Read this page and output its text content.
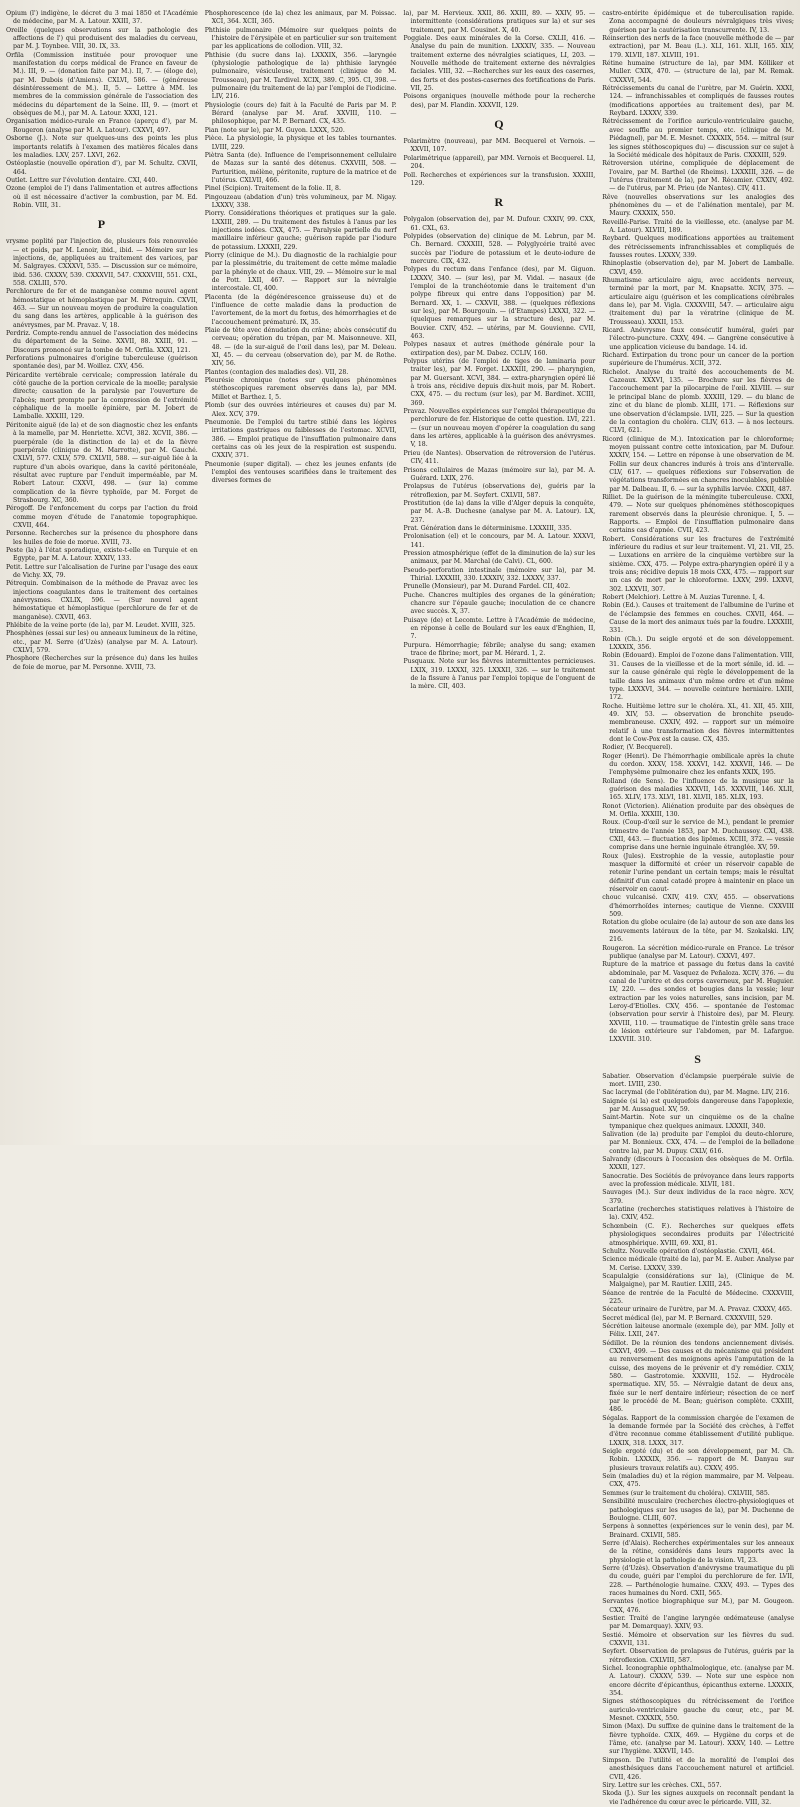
Opium (l') indigène, le décret du 3 mai 1850 et l'Académie de médecine, par M. A. Latour. XXIII, 37.

Oreille (quelques observations sur la pathologie des affections de l') qui produisent des maladies du cerveau, par M. J. Toynbee. VIII, 30. IX, 33.

Orfila (Commission instituée pour provoquer une manifestation du corps médical de France en faveur de M.). III, 9. — (donation faite par M.). II, 7. — (éloge de), par M. Dubois (d'Amiens). CXLVI, 586. — (généreuse désintéressement de M.). II, 5. — Lettre à MM. les membres de la commission générale de l'association des médecins du département de la Seine. III, 9. — (mort et obsèques de M.), par M. A. Latour. XXXI, 121.

Organisation médico-rurale en France (aperçu d'), par M. Rougeron (analyse par M. A. Latour). CXXVI, 497.

Osborne (J.). Note sur quelques-uns des points les plus importants relatifs à l'examen des matières fécales dans les maladies. LXV, 257. LXVI, 262.

Ostéoplastie (nouvelle opération d'), par M. Schultz. CXVII, 464.

Outlet. Lettre sur l'évolution dentaire. CXI, 440.

Ozone (emploi de l') dans l'alimentation et autres affections où il est nécessaire d'activer la combustion, par M. Ed. Robin. VIII, 31.

P

vrysme poplité par l'injection de, plusieurs fois renouvelée — et poids, par M. Lenoir, ibid., ibid. — Mémoire sur les injections, de, appliquées au traitement des varices, par M. Salgrayes. CXXXVI, 535. — Discussion sur ce mémoire, ibid. 536. CXXXV, 539. CXXXVII, 547. CXXXVIII, 551. CXL, 558. CXLIII, 570.

Perchlorure de fer et de manganèse comme nouvel agent hémostatique et hémoplastique par M. Pétrequin. CXVII, 463. — Sur un nouveau moyen de produire la coagulation du sang dans les artères, applicable à la guérison des anévrysmes, par M. Pravaz. V, 18.

Perdriz. Compte-rendu annuel de l'association des médecins du département de la Seine. XXVII, 88. XXIII, 91. — Discours prononcé sur la tombe de M. Orfila. XXXI, 121.

Perforations pulmonaires d'origine tuberculeuse (guérison spontanée des), par M. Woillez. CXV, 456.

Péricardite vertébrale cervicale; compression latérale du côté gauche de la portion cervicale de la moelle; paralysie directe; causation de la paralysie par l'ouverture de l'abcès; mort prompte par la compression de l'extrémité céphalique de la moelle épinière, par M. Jobert de Lamballe. XXXIII, 129.

Péritonite aiguë (de la) et de son diagnostic chez les enfants à la mamelle, par M. Henriette. XCVI, 382. XCVII, 386. — puerpérale (de la distinction de la) et de la fièvre puerpérale (clinique de M. Marrotte), par M. Gauché. CXLVI, 577. CXLV, 579. CXLVII, 588. — sur-aiguë liée à la rupture d'un abcès ovarique, dans la cavité péritonéale, résultat avec rupture par l'enduit imperméable, par M. Robert Latour. CXXVI, 498. — (sur la) comme complication de la fièvre typhoïde, par M. Forget de Strasbourg. XC, 360.

Pérogoff. De l'enfoncement du corps par l'action du froid comme moyen d'étude de l'anatomie topographique. CXVII, 464.

Personne. Recherches sur la présence du phosphore dans les huiles de foie de morue. XVIII, 73.

Peste (la) à l'état sporadique, existe-t-elle en Turquie et en Egypte, par M. A. Latour. XXXIV, 133.

Petit. Lettre sur l'alcalisation de l'urine par l'usage des eaux de Vichy. XX, 79.

Pétrequin. Combinaison de la méthode de Pravaz avec les injections coagulantes dans le traitement des certaines anévrysmes. CXLIX, 596. — (Sur nouvel agent hémostatique et hémoplastique (perchlorure de fer et de manganèse). CXVII, 463.

Phlébite de la veine porte (de la), par M. Leudet. XVIII, 325.

Phosphènes (essai sur les) ou anneaux lumineux de la rétine, etc., par M. Serre (d'Uzès) (analyse par M. A. Latour). CXLVI, 579.

Phosphore (Recherches sur la présence du) dans les huiles de foie de morue, par M. Personne. XVIII, 73.

Phosphorescence (de la) chez les animaux, par M. Poissac. XCI, 364. XCII, 365.

Phthisie pulmonaire (Mémoire sur quelques points de l'histoire de l'érysipèle et en particulier sur son traitement par les applications de collodion. VIII, 32.

Phthisie (du sucre dans la). LXXXIX, 356. —laryngée (physiologie pathologique de la) phthisie laryngée pulmonaire, vésiculeuse, traitement (clinique de M. Trousseau), par M. Tardivel. XCIX, 389. C, 395. CI, 398. — pulmonaire (du traitement de la) par l'emploi de l'iodicine. LIV, 216.

Physiologie (cours de) fait à la Faculté de Paris par M. P. Bérard (analyse par M. Araf. XXVIII, 110. — philosophique, par M. P. Bernard. CX, 435.

Pian (note sur le), par M. Guyon. LXXX, 520.

Pièce. La physiologie, la physique et les tables tournantes. LVIII, 229.

Piètra Santa (de). Influence de l'emprisonnement cellulaire de Mazas sur la santé des détenus. CXXVIII, 508. — Parturition, mélène, péritonite, rupture de la matrice et de l'utérus. CXLVII, 466.

Pinel (Scipion). Traitement de la folie. II, 8.

Pingouzeau (abdation d'un) très volumineux, par M. Nigay. LXXXV, 338.

Piorry. Considérations théoriques et pratiques sur la gale. LXXIII, 289. — Du traitement des fistules à l'anus par les injections iodées. CXX, 475. — Paralysie partielle du nerf maxillaire inférieur gauche; guérison rapide par l'iodure de potassium. LXXXII, 229.

Piorry (clinique de M.). Du diagnostic de la rachialgie pour par la plessimétrie, du traitement de cette même maladie par la phényle et de chaux. VIII, 29. — Mémoire sur le mal de Pott. LXII, 467. — Rapport sur la névralgie intercostale. CI, 400.

Placenta (de la dégénérescence graisseuse du) et de l'influence de cette maladie dans la production de l'avortement, de la mort du fœtus, des hémorrhagies et de l'accouchement prématuré. IX, 35.

Plaie de tête avec dénudation du crâne; abcès consécutif du cerveau; opération du trépan, par M. Maisonneuve. XII, 48. — (de la sur-aiguë de l'œil dans les), par M. Deleau. XI, 45. — du cerveau (observation de), par M. de Rothe. XIV, 56.

Plantes (contagion des maladies des). VII, 28.

Pleurésie chronique (notes sur quelques phénomènes stéthoscopiques rarement observés dans la), par MM. Millet et Barthez. I, 5.

Plomb (sur des ouvrées intérieures et causes du) par M. Alex. XCV, 379.

Pneumonie. De l'emploi du tartre stibié dans les légères irritations gastriques ou faiblesses de l'estomac. XCVII, 386. — Emploi pratique de l'insufflation pulmonaire dans certains cas où les jeux de la respiration est suspendu. CXXIV, 371.

Pneumonie (super digital). — chez les jeunes enfants (de l'emploi des ventouses scarifiées dans le traitement des diverses formes de

la), par M. Hervieux. XXII, 86. XXIII, 89. — XXIV, 95. — intermittente (considérations pratiques sur la) et sur ses traitement, par M. Cousinet. X, 40.

Poggiale. Des eaux minérales de la Corse. CXLII, 416. — Analyse du pain de munition. LXXXIV, 335. — Nouveau traitement externe des névralgies sciatiques, LI, 203. — Nouvelle méthode de traitement externe des névralgies faciales. VIII, 32. —Recherches sur les eaux des casernes, des forts et des postes-casernes des fortifications de Paris. VII, 25.

Poisons organiques (nouvelle méthode pour la recherche des), par M. Flandin. XXXVII, 129.

Q

Polarimètre (nouveau), par MM. Becquerel et Vernois. — XXVII, 107.

Polarimétrique (appareil), par MM. Vernois et Becquerel. LI, 204.

Poll. Recherches et expériences sur la transfusion. XXXIII, 129.

R

Polygalon (observation de), par M. Dufour. CXXIV, 99. CXX, 61. CXL, 63.

Polypides (observation de) clinique de M. Lebrun, par M. Ch. Bernard. CXXXIII, 528. — Polyglycérie traité avec succès par l'iodure de potassium et le deuto-iodure de mercure. CIX, 432.

Polypes du rectum dans l'enfance (des), par M. Giguon. LXXXV, 340. — (sur les), par M. Vidal. — nasaux (de l'emploi de la tranchéotomie dans le traitement d'un polype fibreux qui entre dans l'opposition) par M. Bernard. XX, 1. — CXXVII, 388. — (quelques réflexions sur les), par M. Bourgouin. — (d'Etampes) LXXXI, 322. — (quelques remarques sur la structure des), par M. Bouvier. CXIV, 452. — utérins, par M. Gouvienne. CVII, 463.

Polypes nasaux et autres (méthode générale pour la extirpation des), par M. Dabez. CCLIV, 160.

Polypus utérins (de l'emploi de tiges de laminaria pour traiter les), par M. Forget. LXXXIII, 290. — pharyngien, par M. Guersant. XCVI, 384. — extra-pharyngien opéré lié à trois ans, récidive depuis dix-huit mois, par M. Robert. CXX, 475. — du rectum (sur les), par M. Bardinet. XCIII, 369.

Pravaz. Nouvelles expériences sur l'emploi thérapeutique du perchlorure de fer. Historique de cette question. LVI, 221. — (sur un nouveau moyen d'opérer la coagulation du sang dans les artères, applicable à la guérison des anévrysmes. V, 18.

Prieu (de Nantes). Observation de rétroversion de l'utérus. CIV, 411.

Prisons cellulaires de Mazas (mémoire sur la), par M. A. Guérard. LXIX, 276.

Prolapsus de l'utérus (observations de), guéris par la rétroflexion, par M. Seyfert. CXLVII, 587.

Prostitution (de la) dans la ville d'Alger depuis la conquête, par M. A.-B. Duchesne (analyse par M. A. Latour). LX, 237.

Prat. Génération dans le déterminisme. LXXXIII, 335.

Prolonisation (el) et le concours, par M. A. Latour. XXXVI, 141.

Pression atmosphérique (effet de la diminution de la) sur les animaux, par M. Marchal (de Calvi). CL, 600.

Pseudo-perforation intestinale (mémoire sur la), par M. Thirial. LXXXIII, 330. LXXXIV, 332. LXXXV, 337.

Prunelle (Monsieur), par M. Durand Fardel. CII, 402.

Puche. Chancres multiples des organes de la génération; chancre sur l'épaule gauche; inoculation de ce chancre avec succès. X, 37.

Puisaye (de) et Lecomte. Lettre à l'Académie de médecine, en réponse à celle de Boulard sur les eaux d'Enghien, II, 7.

Purpura. Hémorrhagie; fébrile; analyse du sang; examen trace de fibrine; mort, par M. Hérard. 1, 2.

Pusquaux. Note sur les fièvres intermittentes pernicieuses. LXIX, 319. LXXXI, 325. LXXXII, 326. — sur le traitement de la fissure à l'anus par l'emploi topique de l'onguent de la mère. CII, 403.

castro-entérite épidémique et de tuberculisation rapide. Zona accompagné de douleurs névralgiques très vives; guérison par la cautérisation transcurrente. IV, 13.

Réinsertion des nerfs de la face (nouvelle méthode de — par extraction), par M. Beau (L.). XLI, 161. XLII, 165. XLV, 179. XLVII, 187. XLVIII, 191.

Rétine humaine (structure de la), par MM. Kölliker et Muller. CXIX, 470. — (structure de la), par M. Remak. CXXXVI, 544.

Rétrécissements du canal de l'urètre, par M. Guérin. XXXI, 124. — infranchissables et compliqués de fausses routes (modifications apportées au traitement des), par M. Reybard. LXXXV, 339.

Rétrécissement de l'orifice auriculo-ventriculaire gauche, avec souffle au premier temps, etc. (clinique de M. Piédagnel), par M. E. Mesnet. CXXXIX, 554. — mitral (sur les signes stéthoscopiques du) — discussion sur ce sujet à la Société médicale des hôpitaux de Paris. CXXXIII, 529.

Rétroversion utérine, compliquée de déplacement de l'ovaire, par M. Barthel (de Rheims). LXXXIII, 326. — de l'utérus (traitement de la), par M. Récamier. CXXIV, 492. — de l'utérus, par M. Prieu (de Nantes). CIV, 411.

Rêve (nouvelles observations sur les analogies des phénomènes du — et de l'aliénation mentale), par M. Maury. CXXXIX, 550.

Reveillé-Parise. Traité de la vieillesse, etc. (analyse par M. A. Latour). XLVIII, 189.

Reybard. Quelques modifications apportées au traitement des rétrécissements infranchissables et compliqués de fausses routes. LXXXV, 339.

Rhinoplastie (observation de), par M. Jobert de Lamballe. CXVI, 459.

Rhumatisme articulaire aigu, avec accidents nerveux, terminé par la mort, par M. Knapsatte. XCIV, 375. — articulaire aigu (guérison et les complications cérébrales dans le), par M. Vigla. CXXXVIII, 547. — articulaire aigu (traitement du) par la vératrine (clinique de M. Trousseau). XXXII, 153.

Ricard. Anévrysme faux consécutif huméral, guéri par l'électro-puncture. CXXV, 494. — Gangrène consécutive à une application vicieuse du bandage. 14. id.

Richard. Extirpation du tronc pour un cancer de la portion supérieure de l'humérus. XCII, 372.

Richelot. Analyse du traité des accouchements de M. Cazeaux. XXXVI, 135. — Brochure sur les fièvres de l'accouchement par la pilocarpine de l'œil. XLVIII. — sur le principal blanc de plomb. XXXIII, 129. — du blanc de zinc et du blanc de plomb. XLIII, 171. — Réflexions sur une observation d'éclampsie. LVII, 225. — Sur la question de la contagion du choléra. CLIV, 613. — à nos lecteurs. CLVI, 621.

Ricord (clinique de M.). Intoxication par le chloroforme; moyen puissant contre cette intoxication, par M. Dufour. XXXIV, 154. — Lettre en réponse à une observation de M. Follin sur deux chancres indurés à trois ans d'intervalle. CLV, 617. — quelques réflexions sur l'observation de végétations transformées en chancres inoculables, publiée par M. Dalbeau. II, 6. — sur la syphilis larvée. CXXII, 487.

Rilliet. De la guérison de la méningite tuberculeuse. CXXI, 479. — Note sur quelques phénomènes stéthoscopiques rarement observés dans la pleurésie chronique. I, 5. — Rapports. — Emploi de l'insufflation pulmonaire dans certains cas d'apnée. CVII, 423.

Robert. Considérations sur les fractures de l'extrémité inférieure du radius et sur leur traitement. VI, 21. VII, 25. — Luxations en arrière de la cinquième vertèbre sur la sixième. CXX, 475. — Polype extra-pharyngien opéré il y a trois ans; récidive depuis 18 mois CXX, 475. — rapport sur un cas de mort par le chloroforme. LXXV, 299. LXXVI, 302. LXXVII, 307.

Robert (Melchior). Lettre à M. Auzias Turenne. I, 4.

Robin (Ed.). Causes et traitement de l'albumine de l'urine et de l'éclampsie des femmes en couches. CXVII, 464. — Cause de la mort des animaux tués par la foudre. LXXXIII, 331.

Robin (Ch.). Du seigle ergoté et de son développement. LXXXIX, 356.

Robin (Edouard). Emploi de l'ozone dans l'alimentation. VIII, 31. Causes de la vieillesse et de la mort sénile, id. id. — sur la cause générale qui règle le développement de la taille dans les animaux d'un même ordre et d'un même type. LXXXVI, 344. — nouvelle ceinture herniaire. LXIII, 172.

Roche. Huitième lettre sur le choléra. XL, 41. XII, 45. XIII, 49. XIV, 53. — observation de bronchite pseudo-membraneuse. CXXIV, 492. — rapport sur un mémoire relatif à une transformation des fièvres intermittentes dont le Cow-Pox est la cause. CX, 435.

Rodier, (V. Becquerel).

Roger (Henri). De l'hémorrhagie ombilicale après la chute du cordon. XXXV, 158. XXXVI, 142. XXXVII, 146. — De l'emphysème pulmonaire chez les enfants XXIX, 195.

Rolland (de Sens). De l'influence de la musique sur la guérison des maladies XXXVII, 145. XXXVIII, 146. XLII, 165. XLIV, 173. XLVI, 181. XLVII, 185. XLIX, 193.

Ronot (Victorien). Aliénation produite par des obsèques de M. Orfila. XXXIII, 130.

Roux. (Coup-d'œil sur le service de M.), pendant le premier trimestre de l'année 1853, par M. Duchaussoy. CXI, 438. CXII, 443. — fluctuation des lipômes. XCIII, 372. — vessie comprise dans une hernie inguinale étranglée. XV, 59.

Roux (Jules). Exstrophie de la vessie, autoplastie pour masquer la difformité et créer un réservoir capable de retenir l'urine pendant un certain temps; mais le résultat définitif d'un canal catadé propre à maintenir en place un réservoir en caout-

chouc vulcanisé. CXIV, 419. CXV, 455. — observations d'hémorrhoïdes internes; cautique de Vienne. CXXVIII 509.

Rotation du globe oculaire (de la) autour de son axe dans les mouvements latéraux de la tête, par M. Szokalski. LIV, 216.

Rougeron. La sécrétion médico-rurale en France. Le trésor publique (analyse par M. Latour). CXXVI, 497.

Rupture de la matrice et passage du fœtus dans la cavité abdominale, par M. Vasquez de Peñaloza. XCIV, 376. — du canal de l'urètre et des corps caverneux, par M. Huguier. LV, 220. — des sondes et bougies dans la vessie; leur extraction par les voies naturelles, sans incision, par M. Leroy-d'Etiolles. CXV, 456. — spontanée de l'estomac (observation pour servir à l'histoire des), par M. Fleury. XXVIII, 110. — traumatique de l'intestin grêle sans trace de lésion extérieure sur l'abdomen, par M. Lafargue. LXXVIII. 310.

S

Sabatier. Observation d'éclampsie puerpérale suivie de mort. LVIII, 230.

Sac lacrymal (de l'oblitération du), par M. Magne. LIV, 216.

Saignée (si la) est quelquefois dangereuse dans l'apoplexie, par M. Aussaguel. XV, 59.

Saint-Martin. Note sur un cinquième os de la chaîne tympanique chez quelques animaux. LXXXII, 340.

Salivation (de la) produite par l'emploi du deuto-chlorure, par M. Bonnieux. CXX, 474. — de l'emploi de la belladone contre la), par M. Dupuy. CXLV, 616.

Salvandy (discours à l'occasion des obsèques de M. Orfila. XXXII, 127.

Sanocratie. Des Sociétés de prévoyance dans leurs rapports avec la profession médicale. XLVII, 181.

Sauvages (M.). Sur deux individus de la race nègre. XCV, 379.

Scarlatine (recherches statistiques relatives à l'histoire de la). CXIV, 452.

Schœnbein (C. F.). Recherches sur quelques effets physiologiques secondaires produits par l'électricité atmosphérique. XVIII, 69. XXI, 81.

Schultz. Nouvelle opération d'ostéoplastie. CXVII, 464.

Science médicale (traité de la), par M. E. Auber. Analyse par M. Cerise. LXXXV, 339.

Scapulalgie (considérations sur la), (Clinique de M. Malgaigne), par M. Rautier. LXIII, 245.

Séance de rentrée de la Faculté de Médecine. CXXXVIII, 225.

Sécateur urinaire de l'urètre, par M. A. Pravaz. CXXXV, 465.

Secret médical (le), par M. P. Bernard. CXXXVIII, 529.

Sécrétion laiteuse anormale (exemple de), par MM. Jolly et Félix. LXII, 247.

Sédillot. De la réunion des tendons anciennement divisés. CXXVI, 499. — Des causes et du mécanisme qui président au renversement des moignons après l'amputation de la cuisse, des moyens de le prévenir et d'y remédier. CXLV, 580. — Gastrotomie. XXXVIII, 152. — Hydrocèle spermatique. XIV, 55. — Névralgie datant de deux ans, fixée sur le nerf dentaire inférieur; résection de ce nerf par le procédé de M. Bean; guérison complète. CXXIII, 486.

Ségalas. Rapport de la commission chargée de l'examen de la demande formée par la Société des crèches, à l'effet d'être reconnue comme établissement d'utilité publique. LXXIX, 318. LXXX, 317.

Seigle ergoté (du) et de son développement, par M. Ch. Robin. LXXXIX, 356. — rapport de M. Danyau sur plusieurs travaux relatifs au). CXXV, 495.

Sein (maladies du) et la région mammaire, par M. Velpeau. CXX, 475.

Semmes (sur le traitement du choléra). CXLVIII, 585.

Sensibilité musculaire (recherches électro-physiologiques et pathologiques sur les usages de la), par M. Duchenne de Boulogne. CLIII, 607.

Serpens à sonnettes (expériences sur le venin des), par M. Brainard. CXLVII, 585.

Serre (d'Alais). Recherches expérimentales sur les anneaux de la rétine, considérés dans leurs rapports avec la physiologie et la pathologie de la vision. VI, 23.

Serre (d'Uzès). Observation d'anévrysme traumatique du pli du coude, guéri par l'emploi du perchlorure de fer. LVII, 228. — Parthénologie humaine. CXXV, 493. — Types des races humaines du Nord. CXII, 565.

Servantes (notice biographique sur M.), par M. Gougeon. CXX, 476.

Sestier. Traité de l'angine laryngée œdémateuse (analyse par M. Demarquay). XXIV, 93.

Sestié. Mémoire et observation sur les fièvres du sud. CXXVII, 131.

Seyfert. Observation de prolapsus de l'utérus, guéris par la rétroflexion. CXLVIII, 587.

Sichel. Iconographie ophthalmologique, etc. (analyse par M. A. Latour). CXXXV, 539. — Note sur une espèce non encore décrite d'épicanthus, épicanthus externe. LXXXIX, 354.

Signes stéthoscopiques du rétrécissement de l'orifice auriculo-ventriculaire gauche du cœur, etc., par M. Mesnet. CXXXIX, 550.

Simon (Max). Du suffixe de quinine dans le traitement de la fièvre typhoïde. CXIX, 469. — Hygiène du corps et de l'âme, etc. (analyse par M. Latour). XXXV, 140. — Lettre sur l'hygiène. XXXVII, 145.

Simpson. De l'utilité et de la moralité de l'emploi des anesthésiques dans l'accouchement naturel et artificiel. CVII, 426.

Siry. Lettre sur les crèches. CXL, 557.

Skoda (J.). Sur les signes auxquels on reconnaît pendant la vie l'adhérence du cœur avec le péricarde. VIII, 32.
